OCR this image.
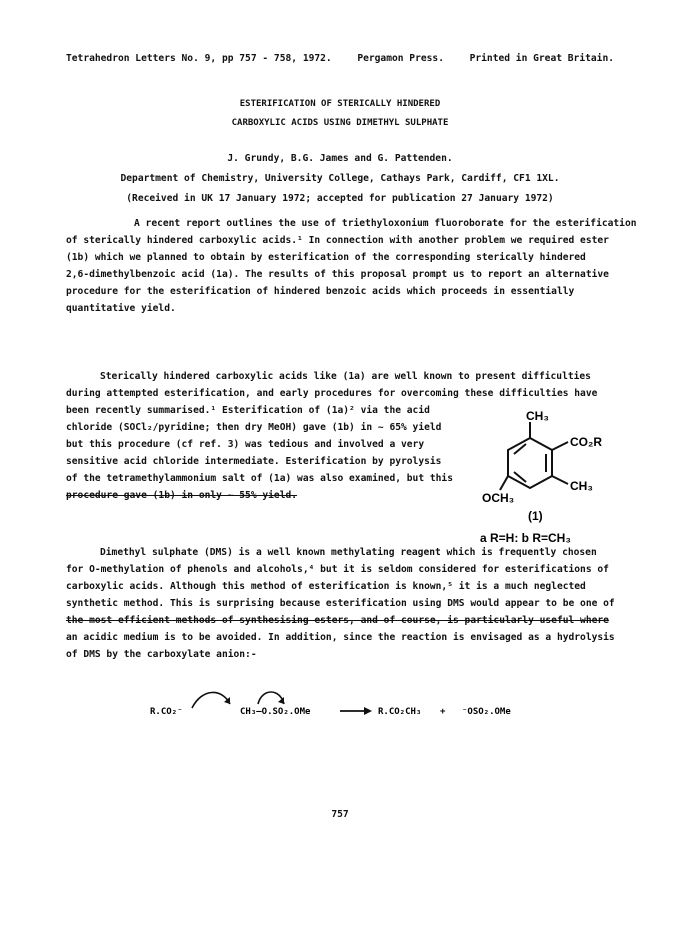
Tetrahedron Letters No. 9, pp 757 - 758, 1972.	Pergamon Press.	Printed in Great Britain.
ESTERIFICATION OF STERICALLY HINDERED
CARBOXYLIC ACIDS USING DIMETHYL SULPHATE
J. Grundy, B.G. James and G. Pattenden.
Department of Chemistry, University College, Cathays Park, Cardiff, CF1 1XL.
(Received in UK 17 January 1972; accepted for publication 27 January 1972)
A recent report outlines the use of triethyloxonium fluoroborate for the esterification
of sterically hindered carboxylic acids.¹ In connection with another problem we required ester
(1b) which we planned to obtain by esterification of the corresponding sterically hindered
2,6-dimethylbenzoic acid (1a). The results of this proposal prompt us to report an alternative
procedure for the esterification of hindered benzoic acids which proceeds in essentially
quantitative yield.
Sterically hindered carboxylic acids like (1a) are well known to present difficulties
during attempted esterification, and early procedures for overcoming these difficulties have
been recently summarised.¹ Esterification of (1a)² via the acid
chloride (SOCl₂/pyridine; then dry MeOH) gave (1b) in ~ 65% yield
but this procedure (cf ref. 3) was tedious and involved a very
sensitive acid chloride intermediate. Esterification by pyrolysis
of the tetramethylammonium salt of (1a) was also examined, but this
procedure gave (1b) in only ~ 55% yield.
CH₃
CO₂R
CH₃
OCH₃
(1)
a R=H: b R=CH₃
Dimethyl sulphate (DMS) is a well known methylating reagent which is frequently chosen
for O-methylation of phenols and alcohols,⁴ but it is seldom considered for esterifications of
carboxylic acids. Although this method of esterification is known,⁵ it is a much neglected
synthetic method. This is surprising because esterification using DMS would appear to be one of
the most efficient methods of synthesising esters, and of course, is particularly useful where
an acidic medium is to be avoided. In addition, since the reaction is envisaged as a hydrolysis
of DMS by the carboxylate anion:-
R.CO₂⁻	CH₃—O.SO₂.OMe	R.CO₂CH₃ + ⁻OSO₂.OMe
757
